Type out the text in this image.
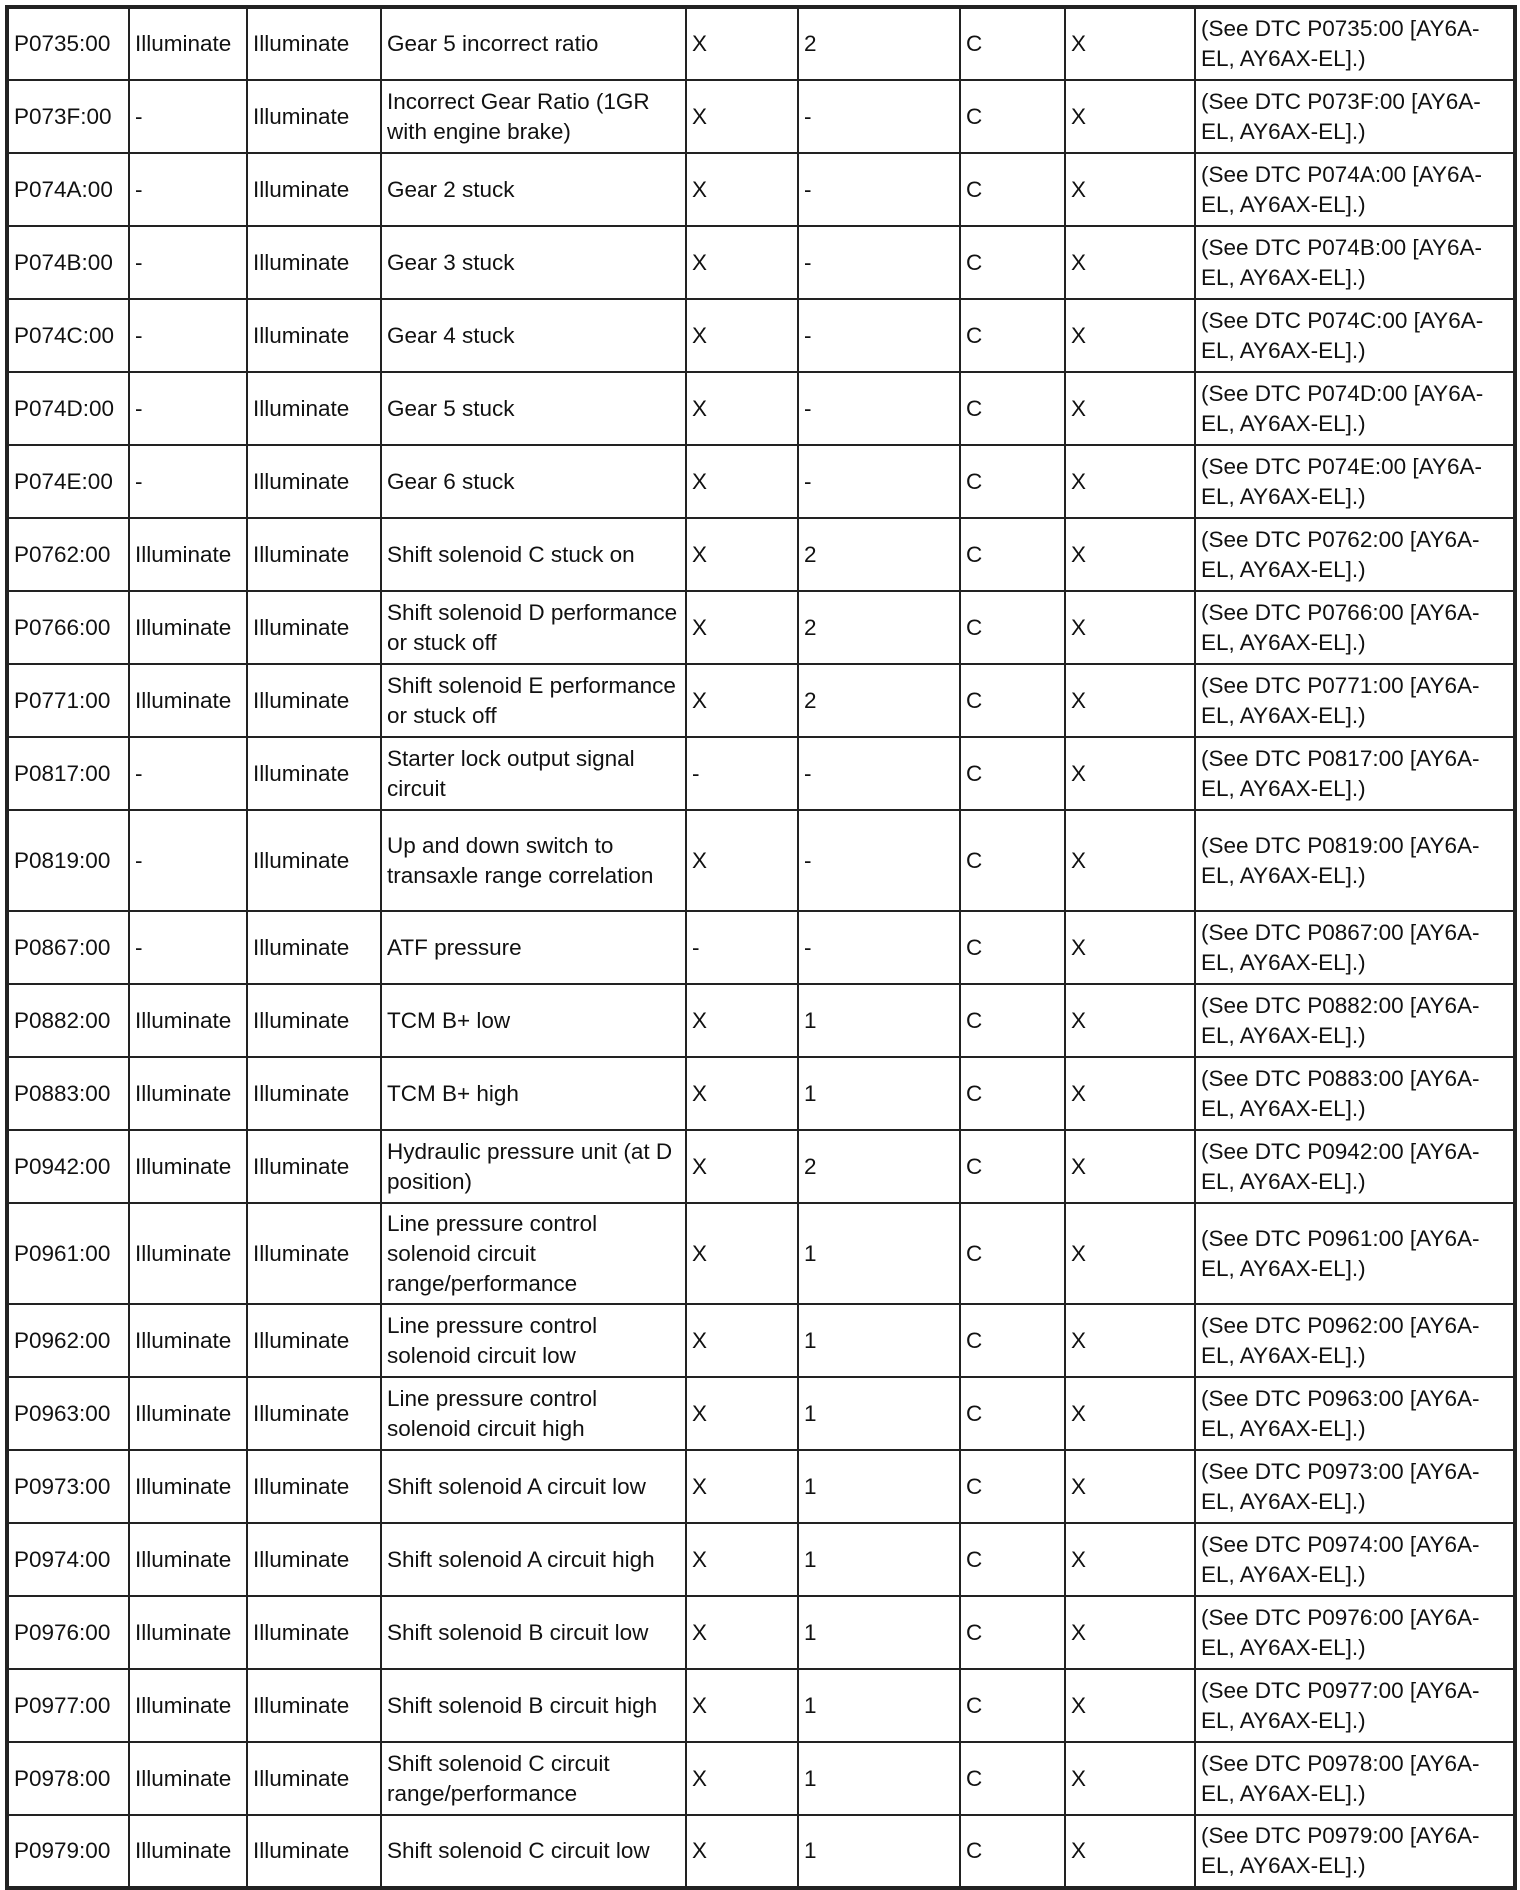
P0735:00	Illuminate	Illuminate	Gear 5 incorrect ratio	X	2	C	X	(See DTC P0735:00 [AY6A-EL, AY6AX-EL].)
P073F:00	-	Illuminate	Incorrect Gear Ratio (1GR with engine brake)	X	-	C	X	(See DTC P073F:00 [AY6A-EL, AY6AX-EL].)
P074A:00	-	Illuminate	Gear 2 stuck	X	-	C	X	(See DTC P074A:00 [AY6A-EL, AY6AX-EL].)
P074B:00	-	Illuminate	Gear 3 stuck	X	-	C	X	(See DTC P074B:00 [AY6A-EL, AY6AX-EL].)
P074C:00	-	Illuminate	Gear 4 stuck	X	-	C	X	(See DTC P074C:00 [AY6A-EL, AY6AX-EL].)
P074D:00	-	Illuminate	Gear 5 stuck	X	-	C	X	(See DTC P074D:00 [AY6A-EL, AY6AX-EL].)
P074E:00	-	Illuminate	Gear 6 stuck	X	-	C	X	(See DTC P074E:00 [AY6A-EL, AY6AX-EL].)
P0762:00	Illuminate	Illuminate	Shift solenoid C stuck on	X	2	C	X	(See DTC P0762:00 [AY6A-EL, AY6AX-EL].)
P0766:00	Illuminate	Illuminate	Shift solenoid D performance or stuck off	X	2	C	X	(See DTC P0766:00 [AY6A-EL, AY6AX-EL].)
P0771:00	Illuminate	Illuminate	Shift solenoid E performance or stuck off	X	2	C	X	(See DTC P0771:00 [AY6A-EL, AY6AX-EL].)
P0817:00	-	Illuminate	Starter lock output signal circuit	-	-	C	X	(See DTC P0817:00 [AY6A-EL, AY6AX-EL].)
P0819:00	-	Illuminate	Up and down switch to transaxle range correlation	X	-	C	X	(See DTC P0819:00 [AY6A-EL, AY6AX-EL].)
P0867:00	-	Illuminate	ATF pressure	-	-	C	X	(See DTC P0867:00 [AY6A-EL, AY6AX-EL].)
P0882:00	Illuminate	Illuminate	TCM B+ low	X	1	C	X	(See DTC P0882:00 [AY6A-EL, AY6AX-EL].)
P0883:00	Illuminate	Illuminate	TCM B+ high	X	1	C	X	(See DTC P0883:00 [AY6A-EL, AY6AX-EL].)
P0942:00	Illuminate	Illuminate	Hydraulic pressure unit (at D position)	X	2	C	X	(See DTC P0942:00 [AY6A-EL, AY6AX-EL].)
P0961:00	Illuminate	Illuminate	Line pressure control solenoid circuit range/performance	X	1	C	X	(See DTC P0961:00 [AY6A-EL, AY6AX-EL].)
P0962:00	Illuminate	Illuminate	Line pressure control solenoid circuit low	X	1	C	X	(See DTC P0962:00 [AY6A-EL, AY6AX-EL].)
P0963:00	Illuminate	Illuminate	Line pressure control solenoid circuit high	X	1	C	X	(See DTC P0963:00 [AY6A-EL, AY6AX-EL].)
P0973:00	Illuminate	Illuminate	Shift solenoid A circuit low	X	1	C	X	(See DTC P0973:00 [AY6A-EL, AY6AX-EL].)
P0974:00	Illuminate	Illuminate	Shift solenoid A circuit high	X	1	C	X	(See DTC P0974:00 [AY6A-EL, AY6AX-EL].)
P0976:00	Illuminate	Illuminate	Shift solenoid B circuit low	X	1	C	X	(See DTC P0976:00 [AY6A-EL, AY6AX-EL].)
P0977:00	Illuminate	Illuminate	Shift solenoid B circuit high	X	1	C	X	(See DTC P0977:00 [AY6A-EL, AY6AX-EL].)
P0978:00	Illuminate	Illuminate	Shift solenoid C circuit range/performance	X	1	C	X	(See DTC P0978:00 [AY6A-EL, AY6AX-EL].)
P0979:00	Illuminate	Illuminate	Shift solenoid C circuit low	X	1	C	X	(See DTC P0979:00 [AY6A-EL, AY6AX-EL].)
